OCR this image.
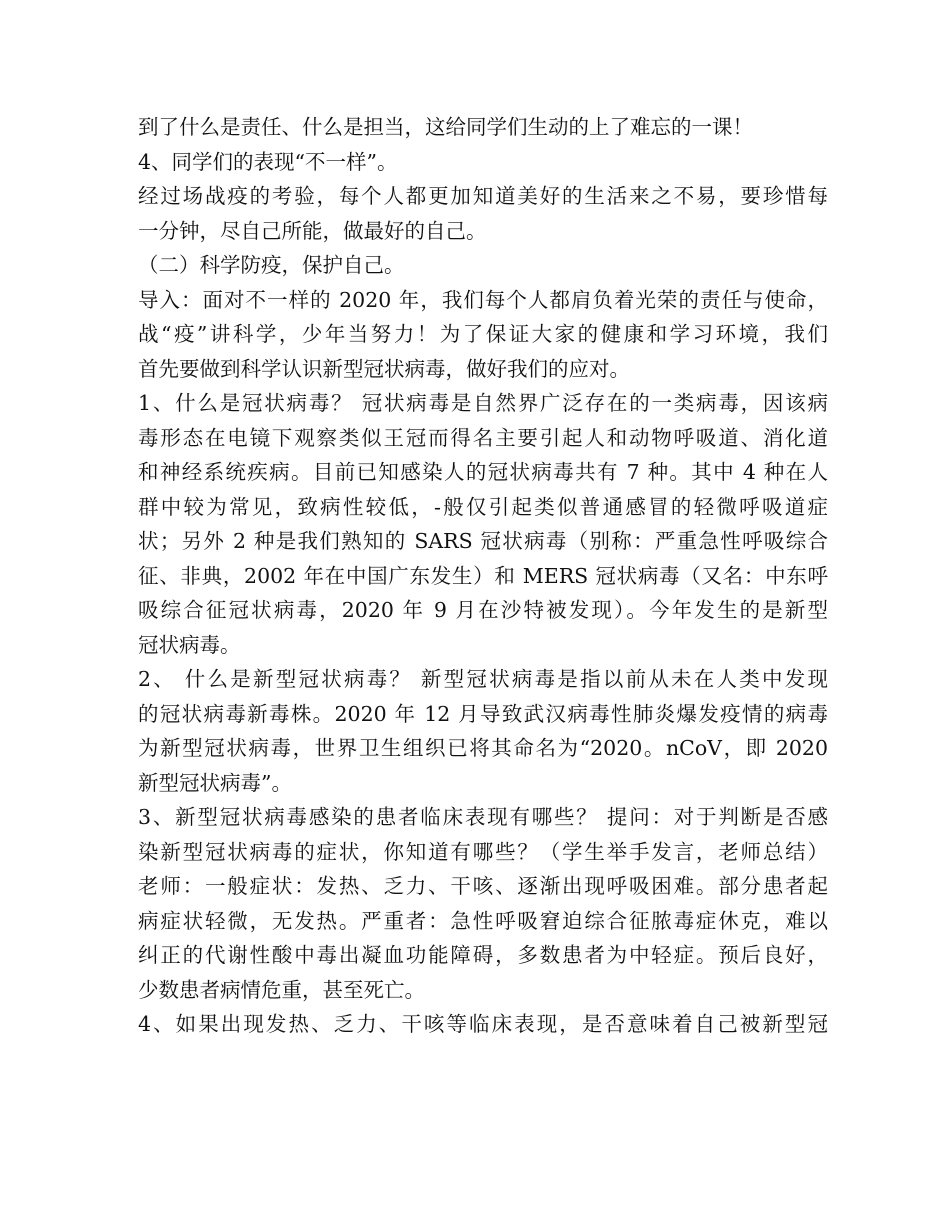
到了什么是责任、什么是担当，这给同学们生动的上了难忘的一课！
4、同学们的表现“不一样”。
经过场战疫的考验，每个人都更加知道美好的生活来之不易，要珍惜每
一分钟，尽自己所能，做最好的自己。
（二）科学防疫，保护自己。
导入：面对不一样的 2020 年，我们每个人都肩负着光荣的责任与使命，
战“疫”讲科学，少年当努力！为了保证大家的健康和学习环境，我们
首先要做到科学认识新型冠状病毒，做好我们的应对。
1、什么是冠状病毒？ 冠状病毒是自然界广泛存在的一类病毒，因该病
毒形态在电镜下观察类似王冠而得名主要引起人和动物呼吸道、消化道
和神经系统疾病。目前已知感染人的冠状病毒共有 7 种。其中 4 种在人
群中较为常见，致病性较低，-般仅引起类似普通感冒的轻微呼吸道症
状；另外 2 种是我们熟知的 SARS 冠状病毒（别称：严重急性呼吸综合
征、非典，2002 年在中国广东发生）和 MERS 冠状病毒（又名：中东呼
吸综合征冠状病毒，2020 年 9 月在沙特被发现）。今年发生的是新型
冠状病毒。
2、 什么是新型冠状病毒？ 新型冠状病毒是指以前从未在人类中发现
的冠状病毒新毒株。2020 年 12 月导致武汉病毒性肺炎爆发疫情的病毒
为新型冠状病毒，世界卫生组织已将其命名为“2020。nCoV，即 2020
新型冠状病毒”。
3、新型冠状病毒感染的患者临床表现有哪些？ 提问：对于判断是否感
染新型冠状病毒的症状，你知道有哪些？（学生举手发言，老师总结）
老师：一般症状：发热、乏力、干咳、逐渐出现呼吸困难。部分患者起
病症状轻微，无发热。严重者：急性呼吸窘迫综合征脓毒症休克，难以
纠正的代谢性酸中毒出凝血功能障碍，多数患者为中轻症。预后良好，
少数患者病情危重，甚至死亡。
4、如果出现发热、乏力、干咳等临床表现，是否意味着自己被新型冠
